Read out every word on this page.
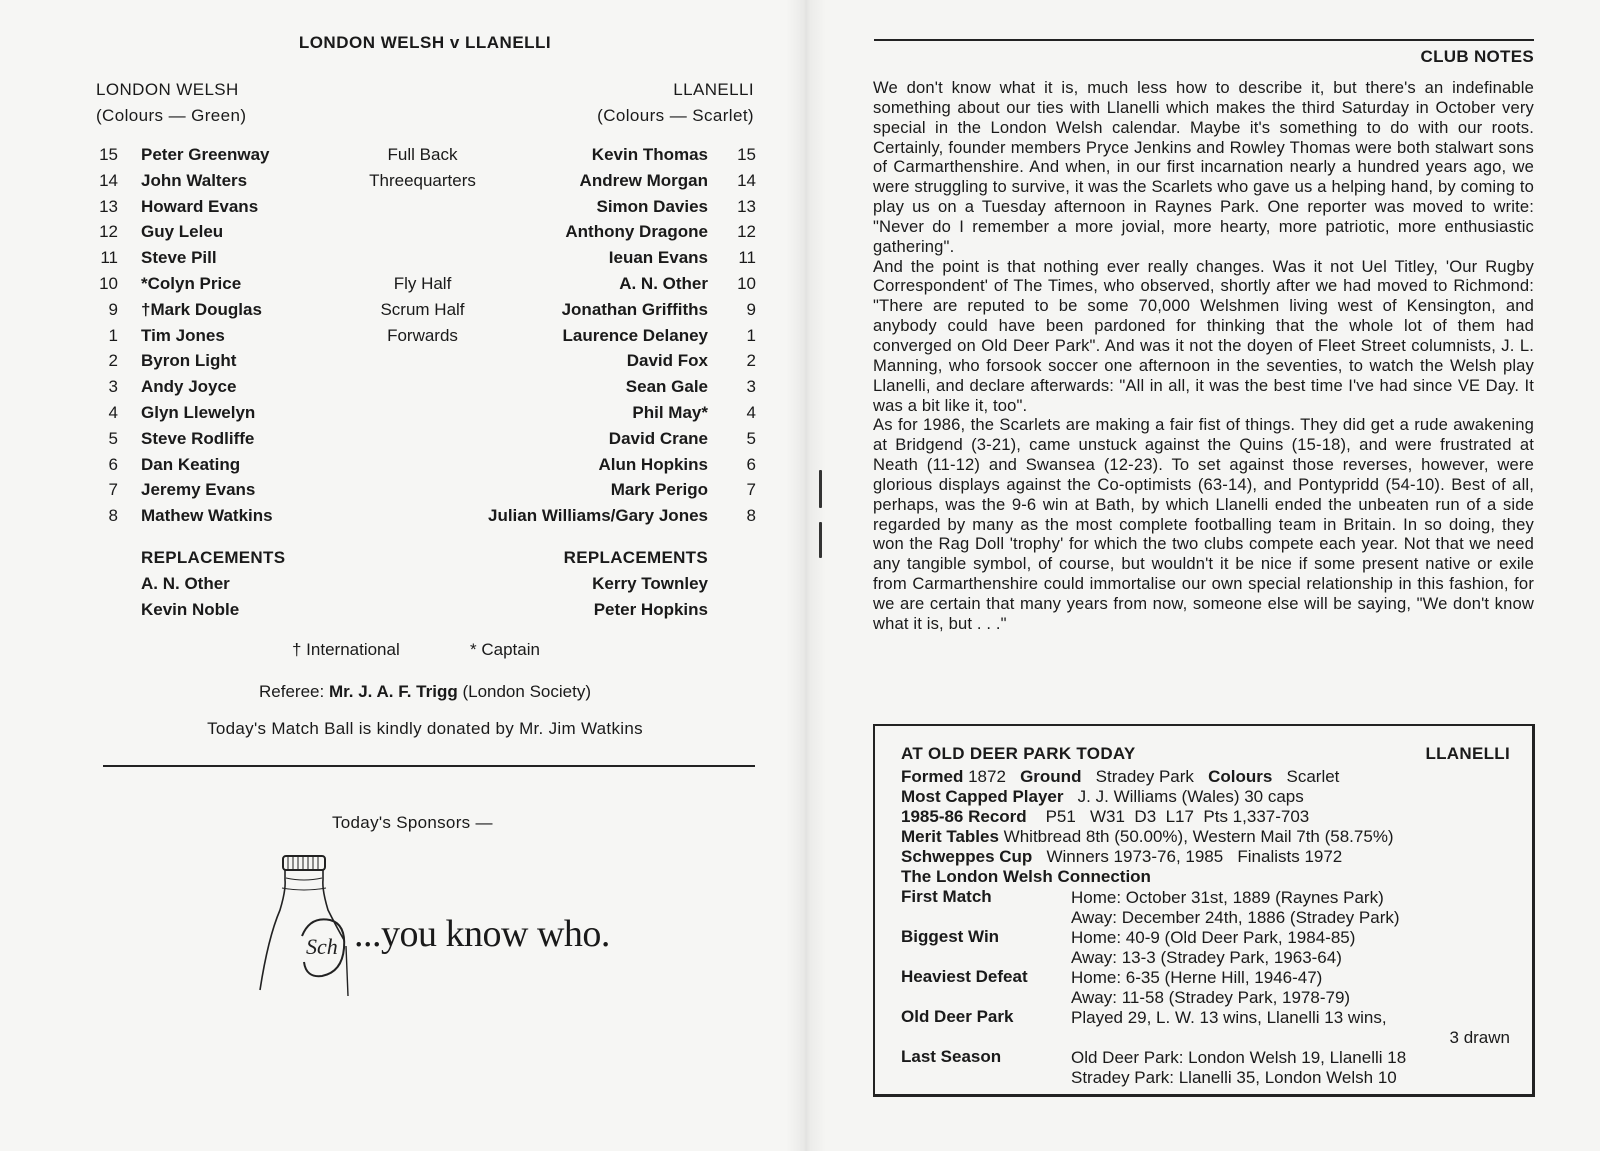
LONDON WELSH v LLANELLI
LONDON WELSH
(Colours — Green)
LLANELLI
(Colours — Scarlet)
15 Peter Greenway	Full Back	Kevin Thomas	15
14 John Walters	Threequarters	Andrew Morgan	14
13 Howard Evans	Simon Davies	13
12 Guy Leleu	Anthony Dragone	12
11 Steve Pill	Ieuan Evans	11
10 *Colyn Price	Fly Half	A. N. Other	10
9 †Mark Douglas	Scrum Half	Jonathan Griffiths	9
1 Tim Jones	Forwards	Laurence Delaney	1
2 Byron Light	David Fox	2
3 Andy Joyce	Sean Gale	3
4 Glyn Llewelyn	Phil May*	4
5 Steve Rodliffe	David Crane	5
6 Dan Keating	Alun Hopkins	6
7 Jeremy Evans	Mark Perigo	7
8 Mathew Watkins	Julian Williams/Gary Jones	8
REPLACEMENTS
A. N. Other
Kevin Noble
REPLACEMENTS
Kerry Townley
Peter Hopkins
† International	* Captain
Referee: Mr. J. A. F. Trigg (London Society)
Today's Match Ball is kindly donated by Mr. Jim Watkins
Today's Sponsors —
Sch ...you know who.
CLUB NOTES

We don't know what it is, much less how to describe it, but there's an indefinable something about our ties with Llanelli which makes the third Saturday in October very special in the London Welsh calendar. Maybe it's something to do with our roots. Certainly, founder members Pryce Jenkins and Rowley Thomas were both stalwart sons of Carmarthenshire. And when, in our first incarnation nearly a hundred years ago, we were struggling to survive, it was the Scarlets who gave us a helping hand, by coming to play us on a Tuesday afternoon in Raynes Park. One reporter was moved to write: "Never do I remember a more jovial, more hearty, more patriotic, more enthusiastic gathering".

And the point is that nothing ever really changes. Was it not Uel Titley, 'Our Rugby Correspondent' of The Times, who observed, shortly after we had moved to Richmond: "There are reputed to be some 70,000 Welshmen living west of Kensington, and anybody could have been pardoned for thinking that the whole lot of them had converged on Old Deer Park". And was it not the doyen of Fleet Street columnists, J. L. Manning, who forsook soccer one afternoon in the seventies, to watch the Welsh play Llanelli, and declare afterwards: "All in all, it was the best time I've had since VE Day. It was a bit like it, too".

As for 1986, the Scarlets are making a fair fist of things. They did get a rude awakening at Bridgend (3-21), came unstuck against the Quins (15-18), and were frustrated at Neath (11-12) and Swansea (12-23). To set against those reverses, however, were glorious displays against the Co-optimists (63-14), and Pontypridd (54-10). Best of all, perhaps, was the 9-6 win at Bath, by which Llanelli ended the unbeaten run of a side regarded by many as the most complete footballing team in Britain. In so doing, they won the Rag Doll 'trophy' for which the two clubs compete each year. Not that we need any tangible symbol, of course, but wouldn't it be nice if some present native or exile from Carmarthenshire could immortalise our own special relationship in this fashion, for we are certain that many years from now, someone else will be saying, "We don't know what it is, but . . ."

AT OLD DEER PARK TODAY	LLANELLI
Formed 1872 Ground Stradey Park Colours Scarlet
Most Capped Player J. J. Williams (Wales) 30 caps
1985-86 Record P51   W31  D3  L17  Pts 1,337-703
Merit Tables Whitbread 8th (50.00%), Western Mail 7th (58.75%)
Schweppes Cup Winners 1973-76, 1985   Finalists 1972
The London Welsh Connection
First Match	Home: October 31st, 1889 (Raynes Park)
Away: December 24th, 1886 (Stradey Park)
Biggest Win	Home: 40-9 (Old Deer Park, 1984-85)
Away: 13-3 (Stradey Park, 1963-64)
Heaviest Defeat	Home: 6-35 (Herne Hill, 1946-47)
Away: 11-58 (Stradey Park, 1978-79)
Old Deer Park	Played 29, L. W. 13 wins, Llanelli 13 wins,
3 drawn
Last Season	Old Deer Park: London Welsh 19, Llanelli 18
Stradey Park: Llanelli 35, London Welsh 10
